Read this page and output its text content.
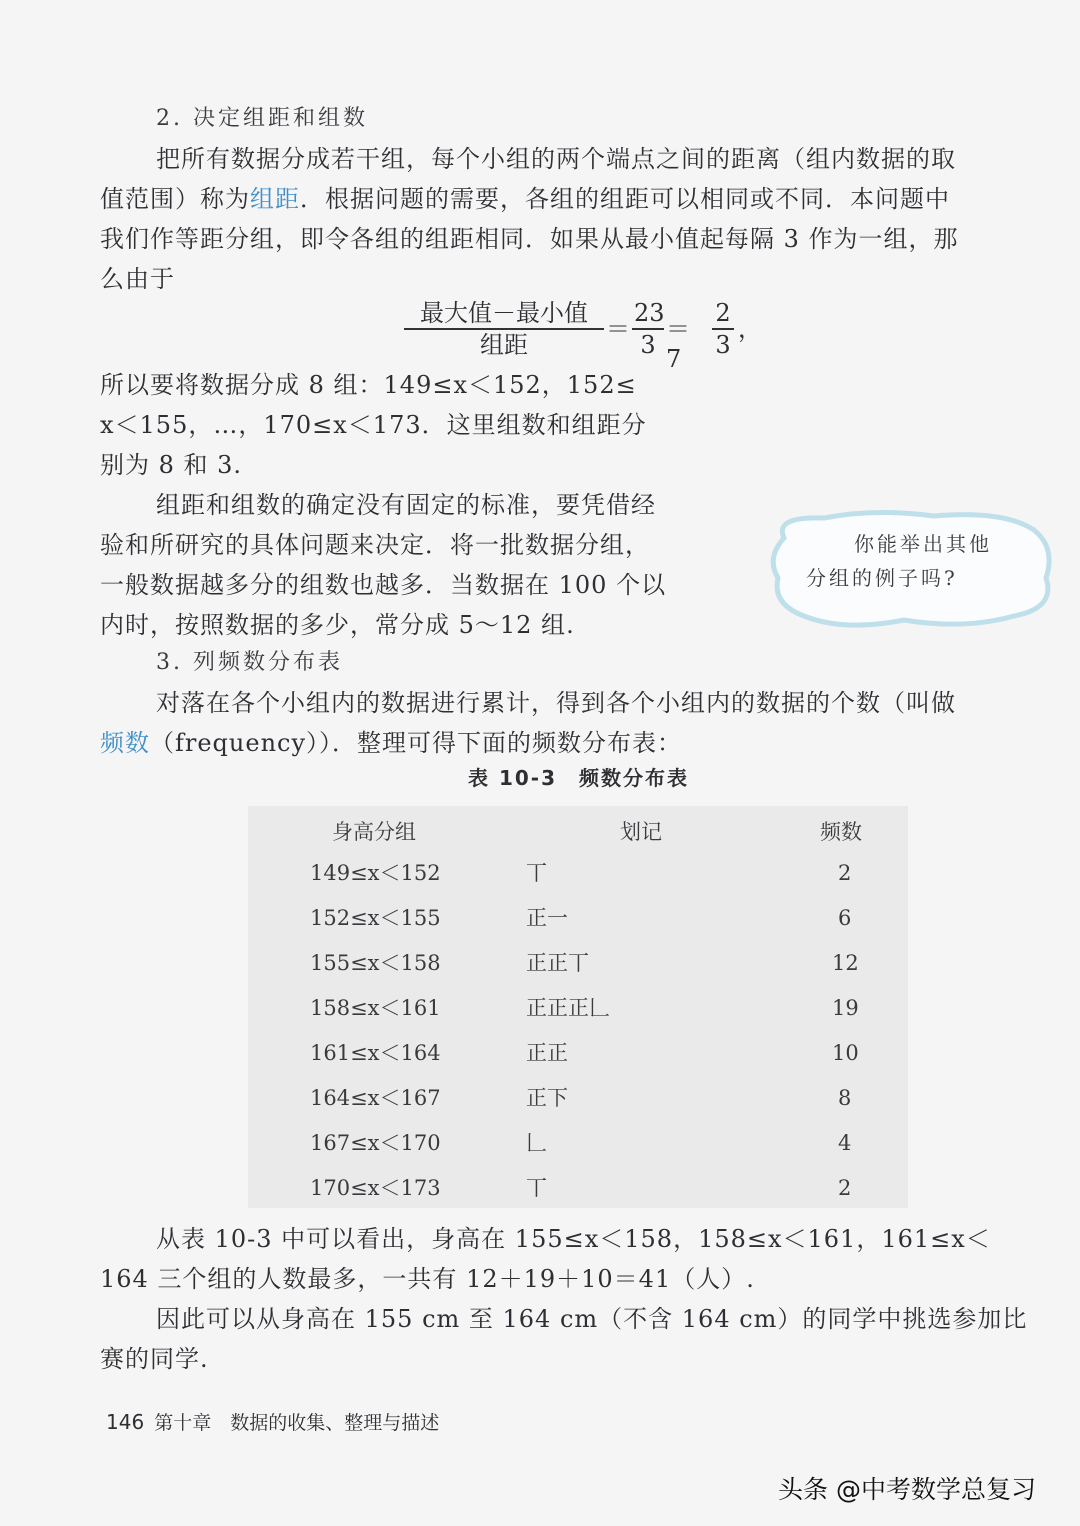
2. 决定组距和组数
把所有数据分成若干组，每个小组的两个端点之间的距离（组内数据的取
值范围）称为组距．根据问题的需要，各组的组距可以相同或不同．本问题中
我们作等距分组，即令各组的组距相同．如果从最小值起每隔 3 作为一组，那
么由于
最大值－最小值
组距
＝ $\frac{23}{3} =7$	$\frac{2}{3}$ ，
所以要将数据分成 8 组：149≤x＜152，152≤
x＜155，…，170≤x＜173．这里组数和组距分
别为 8 和 3.
组距和组数的确定没有固定的标准，要凭借经
验和所研究的具体问题来决定．将一批数据分组，
一般数据越多分的组数也越多．当数据在 100 个以
内时，按照数据的多少，常分成 5～12 组.
你能举出其他
分组的例子吗?
3. 列频数分布表
对落在各个小组内的数据进行累计，得到各个小组内的数据的个数（叫做
频数（frequency））．整理可得下面的频数分布表：
表 10-3　频数分布表
身高分组	划记	频数
149≤x＜152	丅	2
152≤x＜155	正一	6
155≤x＜158	正正丅	12
158≤x＜161	正正正𠃊	19
161≤x＜164	正正	10
164≤x＜167	正下	8
167≤x＜170	𠃊	4
170≤x＜173	丅	2
从表 10-3 中可以看出，身高在 155≤x＜158，158≤x＜161，161≤x＜
164 三个组的人数最多，一共有 12＋19＋10＝41（人）.
因此可以从身高在 155 cm 至 164 cm（不含 164 cm）的同学中挑选参加比
赛的同学.
146 第十章　数据的收集、整理与描述
头条 @中考数学总复习
